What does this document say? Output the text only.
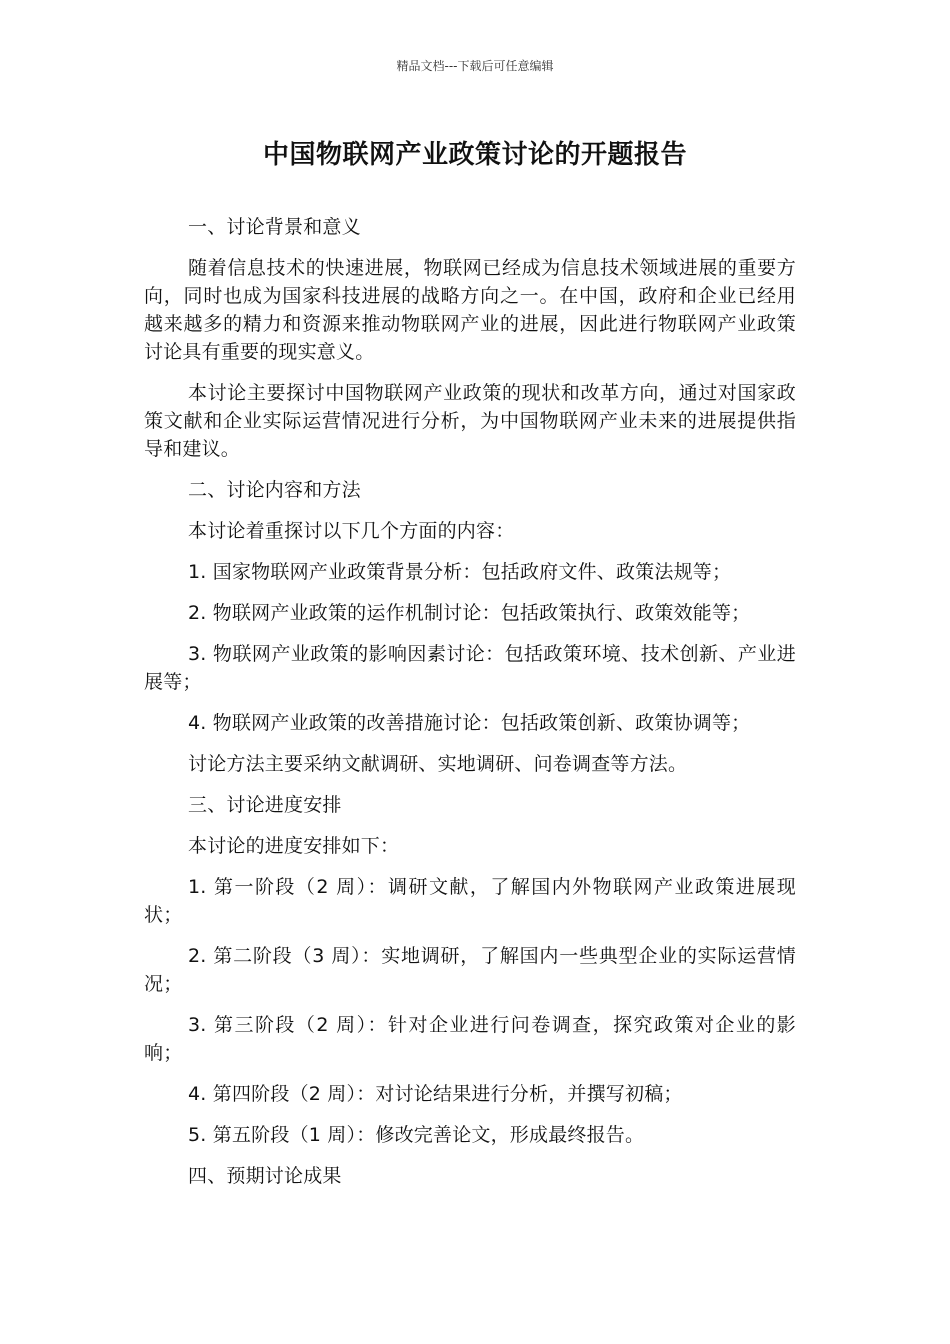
精品文档---下载后可任意编辑
中国物联网产业政策讨论的开题报告

一、讨论背景和意义

随着信息技术的快速进展，物联网已经成为信息技术领域进展的重要方向，同时也成为国家科技进展的战略方向之一。在中国，政府和企业已经用越来越多的精力和资源来推动物联网产业的进展，因此进行物联网产业政策讨论具有重要的现实意义。

本讨论主要探讨中国物联网产业政策的现状和改革方向，通过对国家政策文献和企业实际运营情况进行分析，为中国物联网产业未来的进展提供指导和建议。

二、讨论内容和方法

本讨论着重探讨以下几个方面的内容：

1. 国家物联网产业政策背景分析：包括政府文件、政策法规等；

2. 物联网产业政策的运作机制讨论：包括政策执行、政策效能等；

3. 物联网产业政策的影响因素讨论：包括政策环境、技术创新、产业进展等；

4. 物联网产业政策的改善措施讨论：包括政策创新、政策协调等；

讨论方法主要采纳文献调研、实地调研、问卷调查等方法。

三、讨论进度安排

本讨论的进度安排如下：

1. 第一阶段（2 周）：调研文献，了解国内外物联网产业政策进展现状；

2. 第二阶段（3 周）：实地调研，了解国内一些典型企业的实际运营情况；

3. 第三阶段（2 周）：针对企业进行问卷调查，探究政策对企业的影响；

4. 第四阶段（2 周）：对讨论结果进行分析，并撰写初稿；

5. 第五阶段（1 周）：修改完善论文，形成最终报告。

四、预期讨论成果
